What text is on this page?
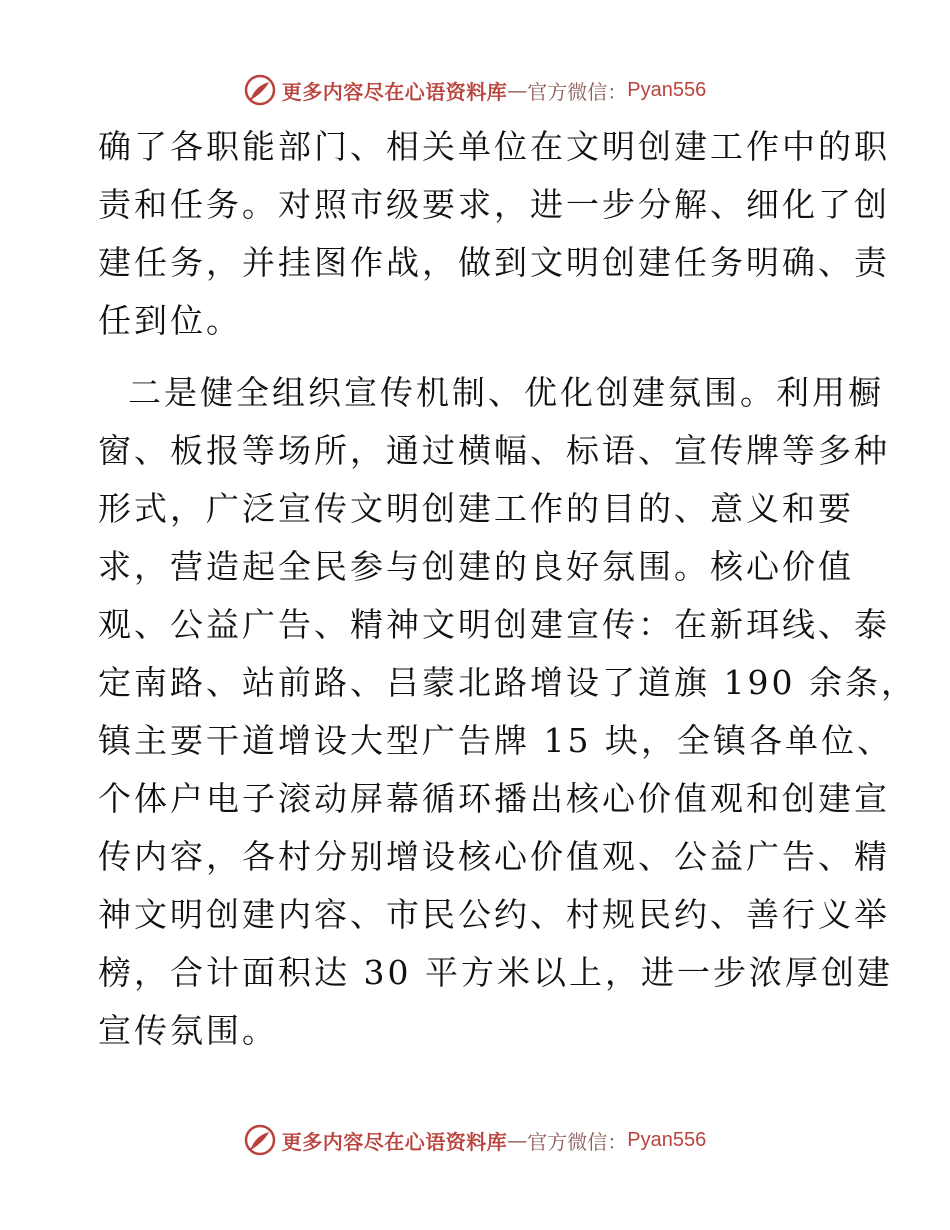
更多内容尽在心语资料库 — 官方微信： Pyan556
确了各职能部门、相关单位在文明创建工作中的职
责和任务。对照市级要求，进一步分解、细化了创
建任务，并挂图作战，做到文明创建任务明确、责
任到位。
二是健全组织宣传机制、优化创建氛围。利用橱
窗、板报等场所，通过横幅、标语、宣传牌等多种
形式，广泛宣传文明创建工作的目的、意义和要
求，营造起全民参与创建的良好氛围。核心价值
观、公益广告、精神文明创建宣传：在新珥线、泰
定南路、站前路、吕蒙北路增设了道旗 190 余条，
镇主要干道增设大型广告牌 15 块，全镇各单位、
个体户电子滚动屏幕循环播出核心价值观和创建宣
传内容，各村分别增设核心价值观、公益广告、精
神文明创建内容、市民公约、村规民约、善行义举
榜，合计面积达 30 平方米以上，进一步浓厚创建
宣传氛围。
更多内容尽在心语资料库 — 官方微信： Pyan556
